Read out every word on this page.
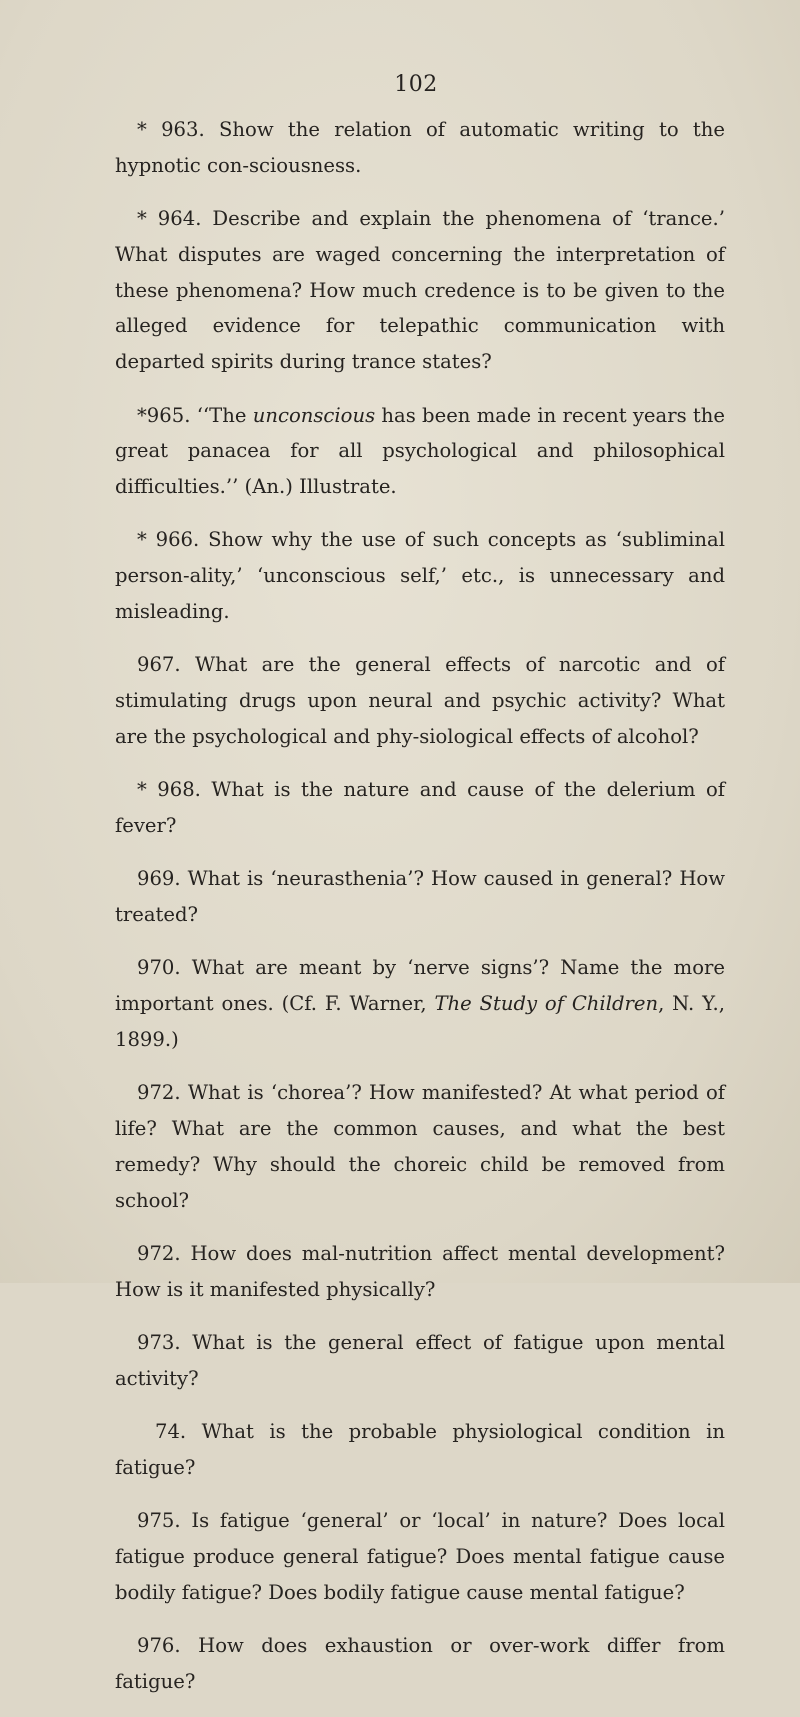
102

* 963. Show the relation of automatic writing to the hypnotic con-sciousness.

* 964. Describe and explain the phenomena of ‘trance.’ What disputes are waged concerning the interpretation of these phenomena? How much credence is to be given to the alleged evidence for telepathic communication with departed spirits during trance states?

*965. ‘‘The unconscious has been made in recent years the great panacea for all psychological and philosophical difficulties.’’ (An.) Illustrate.

* 966. Show why the use of such concepts as ‘subliminal person-ality,’ ‘unconscious self,’ etc., is unnecessary and misleading.

967. What are the general effects of narcotic and of stimulating drugs upon neural and psychic activity? What are the psychological and phy-siological effects of alcohol?

* 968. What is the nature and cause of the delerium of fever?

969. What is ‘neurasthenia’? How caused in general? How treated?

970. What are meant by ‘nerve signs’? Name the more important ones. (Cf. F. Warner, The Study of Children, N. Y., 1899.)

972. What is ‘chorea’? How manifested? At what period of life? What are the common causes, and what the best remedy? Why should the choreic child be removed from school?

972. How does mal-nutrition affect mental development? How is it manifested physically?

973. What is the general effect of fatigue upon mental activity?

74. What is the probable physiological condition in fatigue?

975. Is fatigue ‘general’ or ‘local’ in nature? Does local fatigue produce general fatigue? Does mental fatigue cause bodily fatigue? Does bodily fatigue cause mental fatigue?

976. How does exhaustion or over-work differ from fatigue?
